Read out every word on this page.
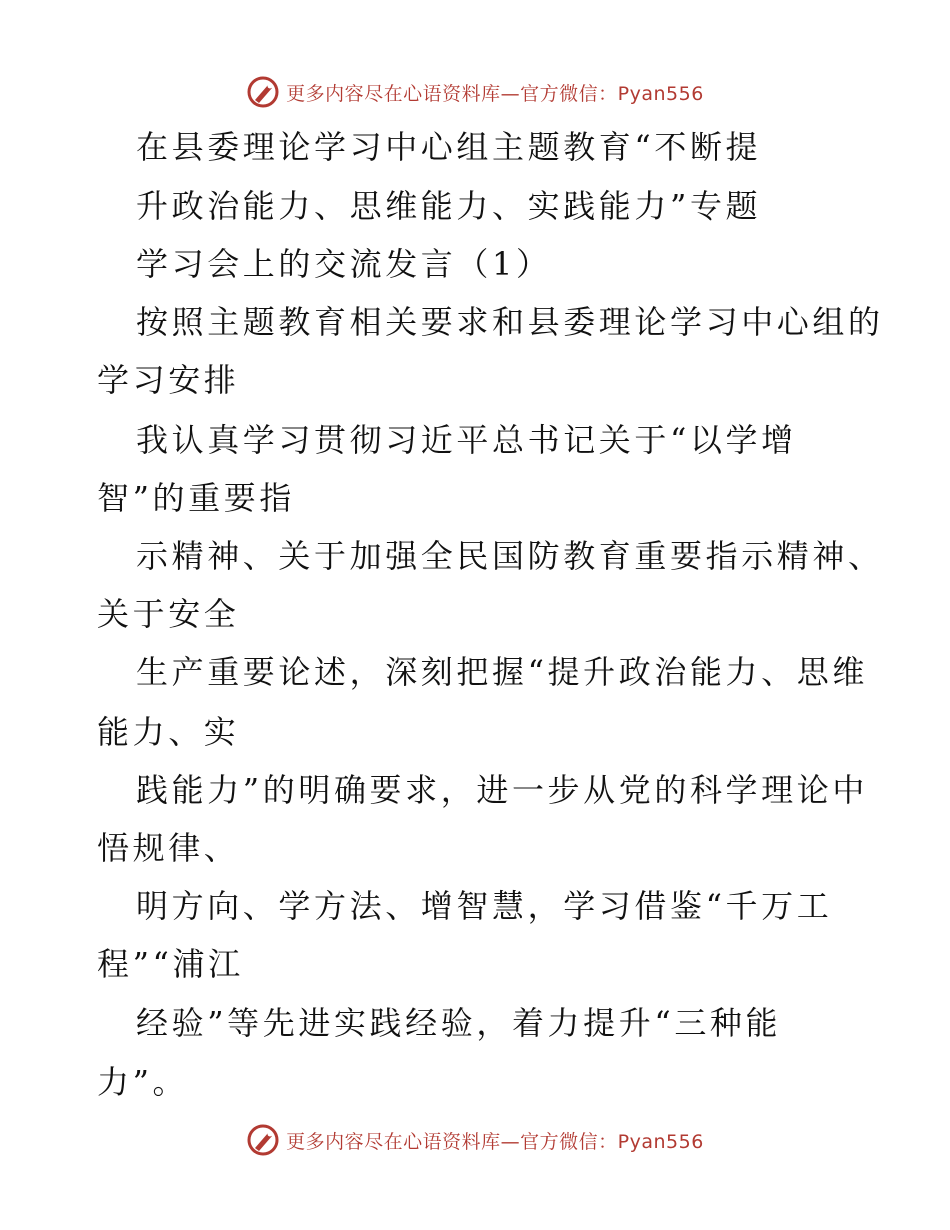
更多内容尽在心语资料库—官方微信：Pyan556
在县委理论学习中心组主题教育“不断提
升政治能力、思维能力、实践能力”专题
学习会上的交流发言（1）
按照主题教育相关要求和县委理论学习中心组的
学习安排
我认真学习贯彻习近平总书记关于“以学增
智”的重要指
示精神、关于加强全民国防教育重要指示精神、
关于安全
生产重要论述，深刻把握“提升政治能力、思维
能力、实
践能力”的明确要求，进一步从党的科学理论中
悟规律、
明方向、学方法、增智慧，学习借鉴“千万工
程”“浦江
经验”等先进实践经验，着力提升“三种能
力”。
更多内容尽在心语资料库—官方微信：Pyan556
